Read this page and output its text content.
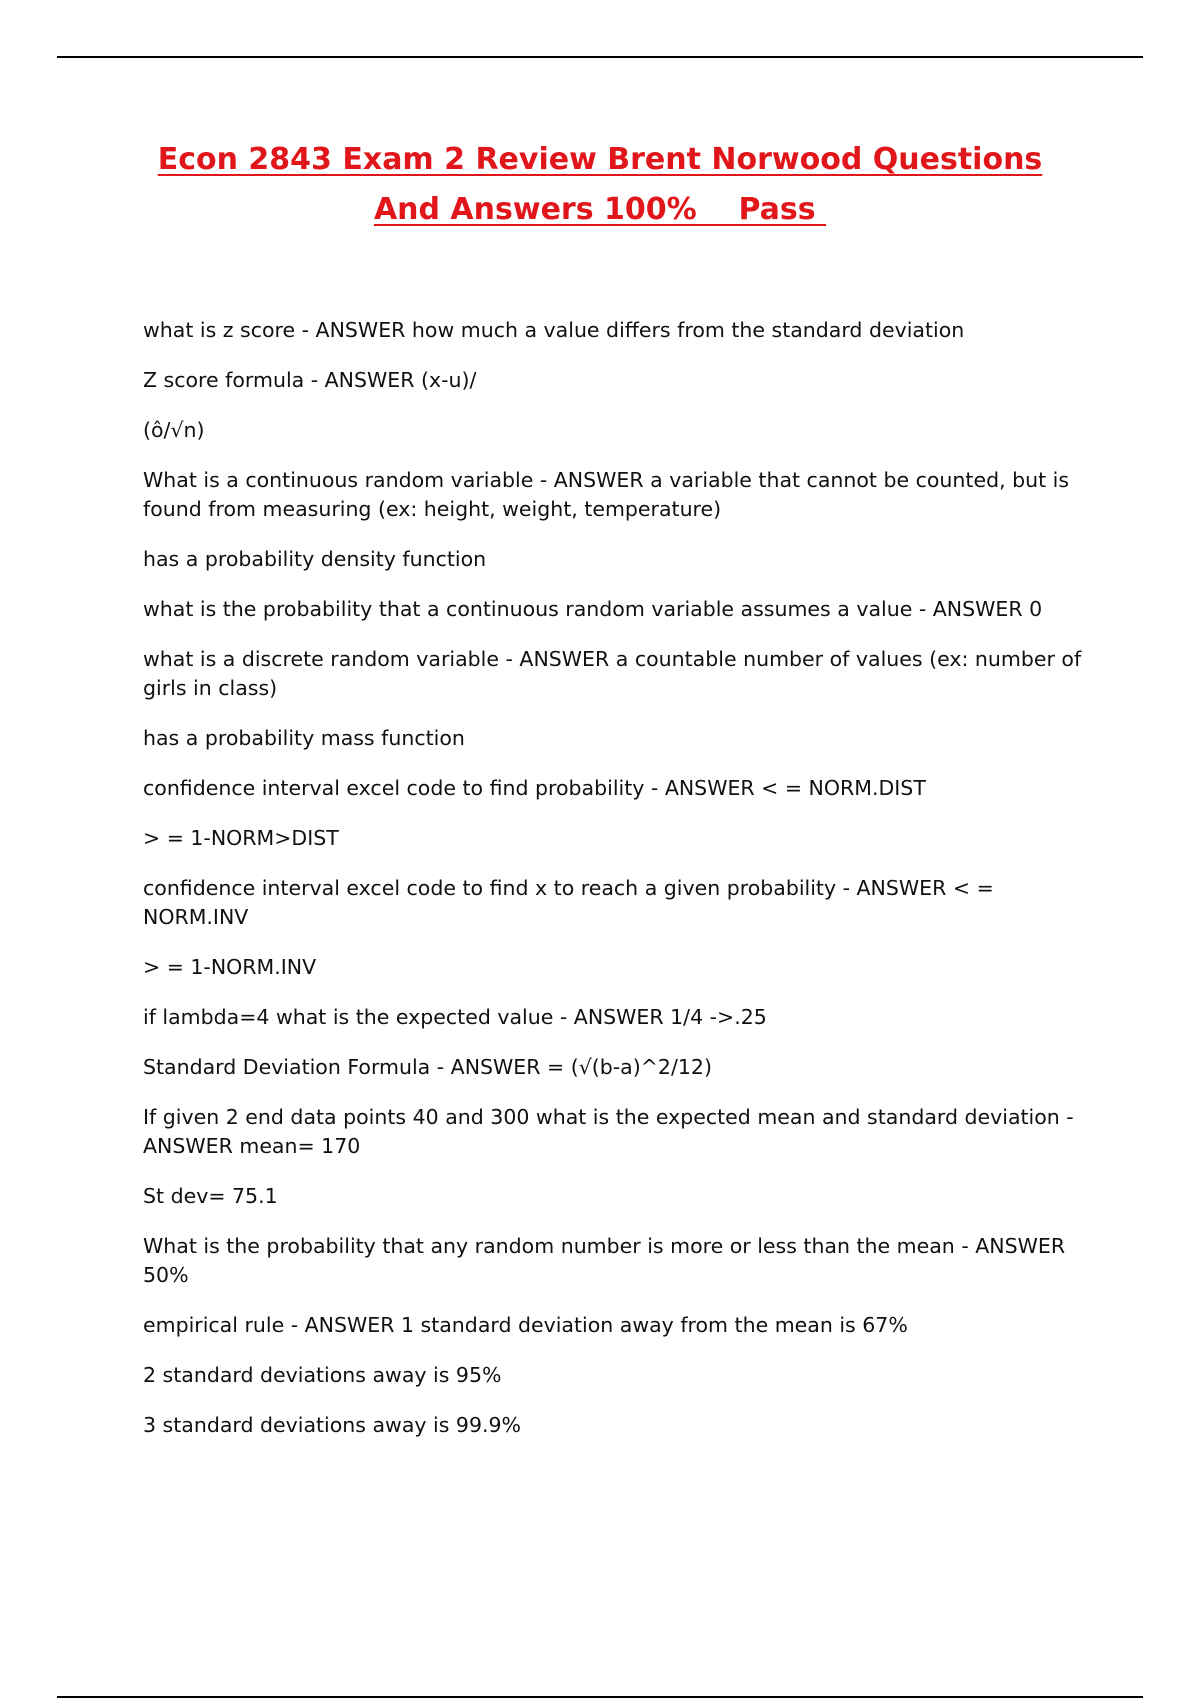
Econ 2843 Exam 2 Review Brent Norwood Questions
And Answers 100%    Pass

what is z score - ANSWER how much a value differs from the standard deviation

Z score formula - ANSWER (x-u)/

(ô/√n)

What is a continuous random variable - ANSWER a variable that cannot be counted, but is found from measuring (ex: height, weight, temperature)

has a probability density function

what is the probability that a continuous random variable assumes a value - ANSWER 0

what is a discrete random variable - ANSWER a countable number of values (ex: number of girls in class)

has a probability mass function

confidence interval excel code to find probability - ANSWER < = NORM.DIST

> = 1-NORM>DIST

confidence interval excel code to find x to reach a given probability - ANSWER < = NORM.INV

> = 1-NORM.INV

if lambda=4 what is the expected value - ANSWER 1/4 ->.25

Standard Deviation Formula - ANSWER = (√(b-a)^2/12)

If given 2 end data points 40 and 300 what is the expected mean and standard deviation - ANSWER mean= 170

St dev= 75.1

What is the probability that any random number is more or less than the mean - ANSWER 50%

empirical rule - ANSWER 1 standard deviation away from the mean is 67%

2 standard deviations away is 95%

3 standard deviations away is 99.9%
